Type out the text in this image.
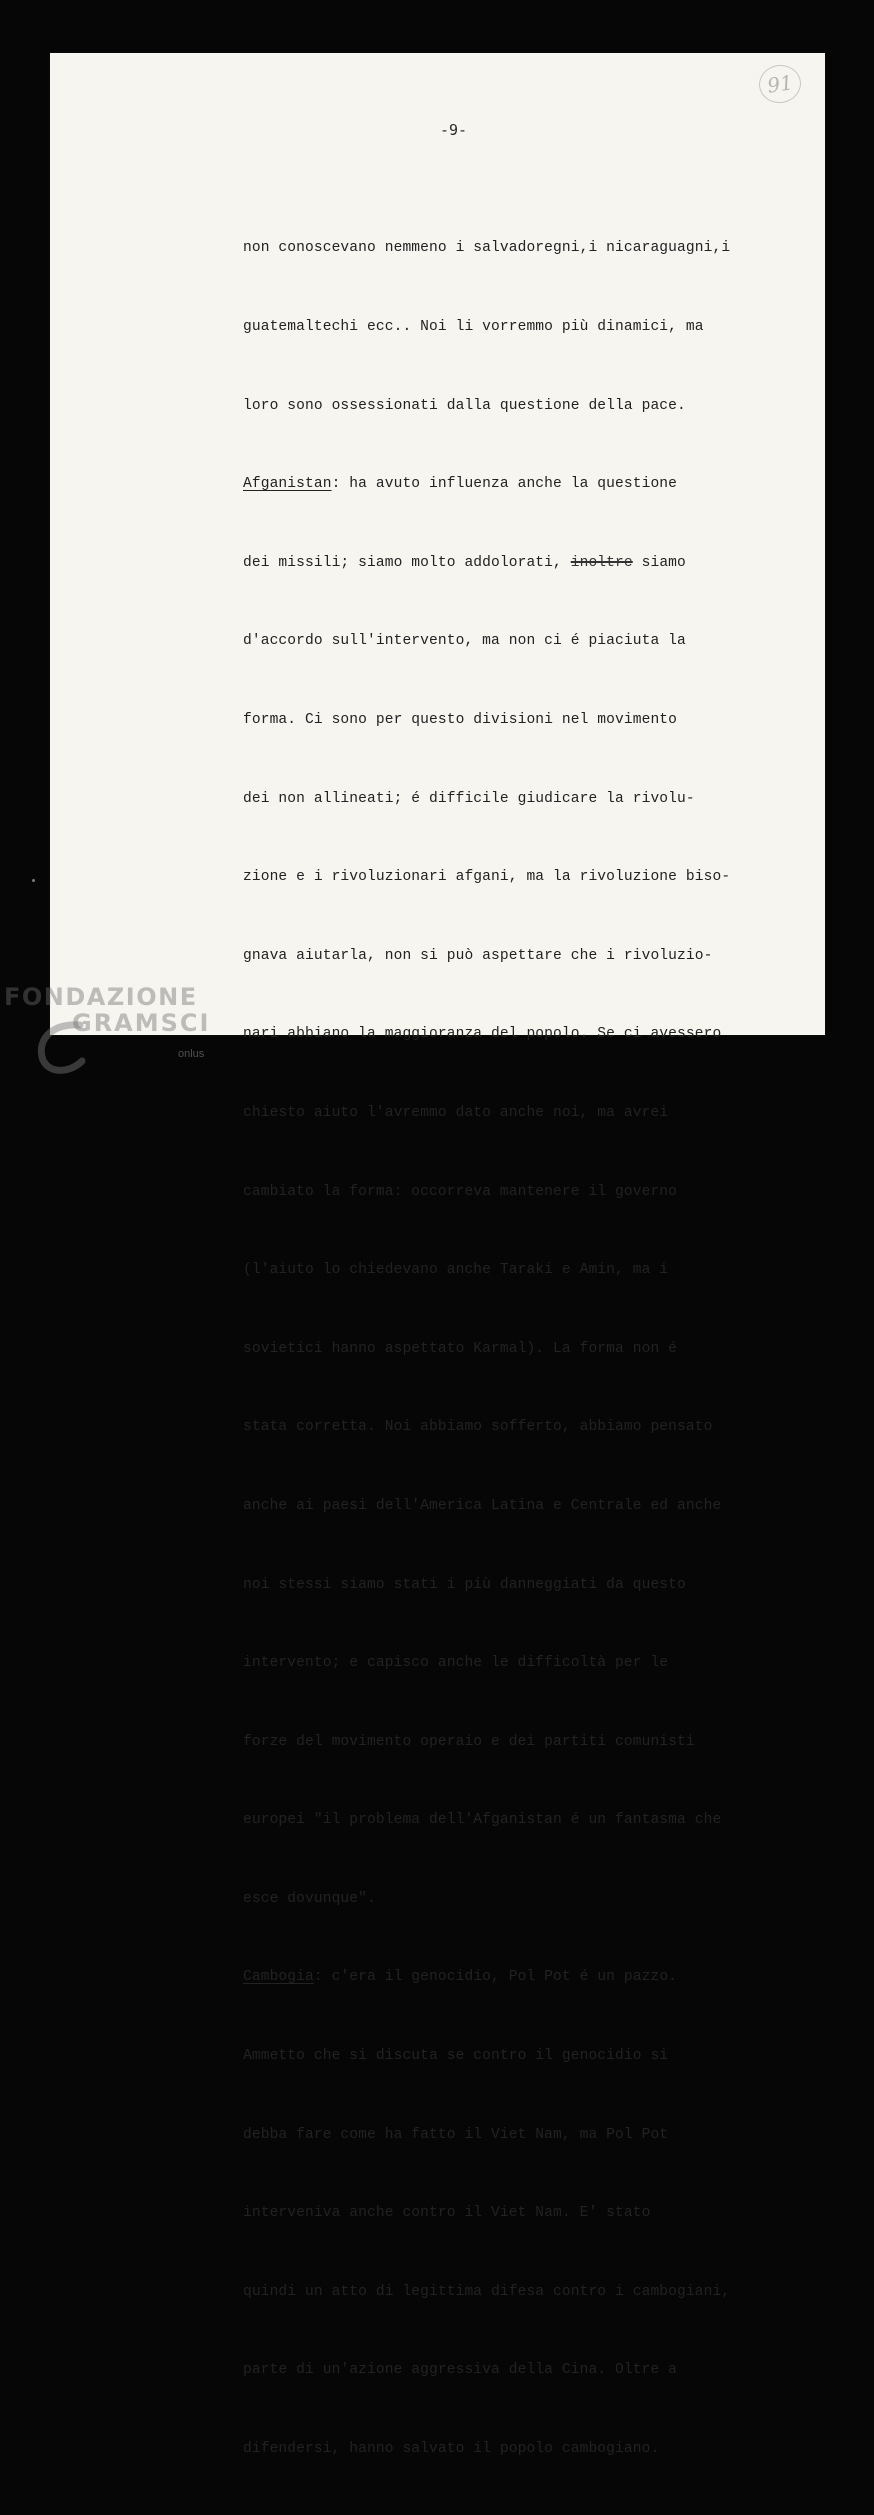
91
-9-

non conoscevano nemmeno i salvadoregni,i nicaraguagni,i

guatemaltechi ecc.. Noi li vorremmo più dinamici, ma

loro sono ossessionati dalla questione della pace.

Afganistan: ha avuto influenza anche la questione

dei missili; siamo molto addolorati, inoltre siamo

d'accordo sull'intervento, ma non ci é piaciuta la

forma. Ci sono per questo divisioni nel movimento

dei non allineati; é difficile giudicare la rivolu-

zione e i rivoluzionari afgani, ma la rivoluzione biso-

gnava aiutarla, non si può aspettare che i rivoluzio-

nari abbiano la maggioranza del popolo. Se ci avessero

chiesto aiuto l'avremmo dato anche noi, ma avrei

cambiato la forma: occorreva mantenere il governo

(l'aiuto lo chiedevano anche Taraki e Amin, ma i

sovietici hanno aspettato Karmal). La forma non é

stata corretta. Noi abbiamo sofferto, abbiamo pensato

anche ai paesi dell'America Latina e Centrale ed anche

noi stessi siamo stati i più danneggiati da questo

intervento; e capisco anche le difficoltà per le

forze del movimento operaio e dei partiti comunisti

europei "il problema dell'Afganistan é un fantasma che

esce dovunque".

Cambogia: c'era il genocidio, Pol Pot é un pazzo.

Ammetto che si discuta se contro il genocidio si

debba fare come ha fatto il Viet Nam, ma Pol Pot

interveniva anche contro il Viet Nam. E' stato

quindi un atto di legittima difesa contro i cambogiani,

parte di un'azione aggressiva della Cina. Oltre a

difendersi, hanno salvato il popolo cambogiano.

FONDAZIONE
GRAMSCI
onlus
